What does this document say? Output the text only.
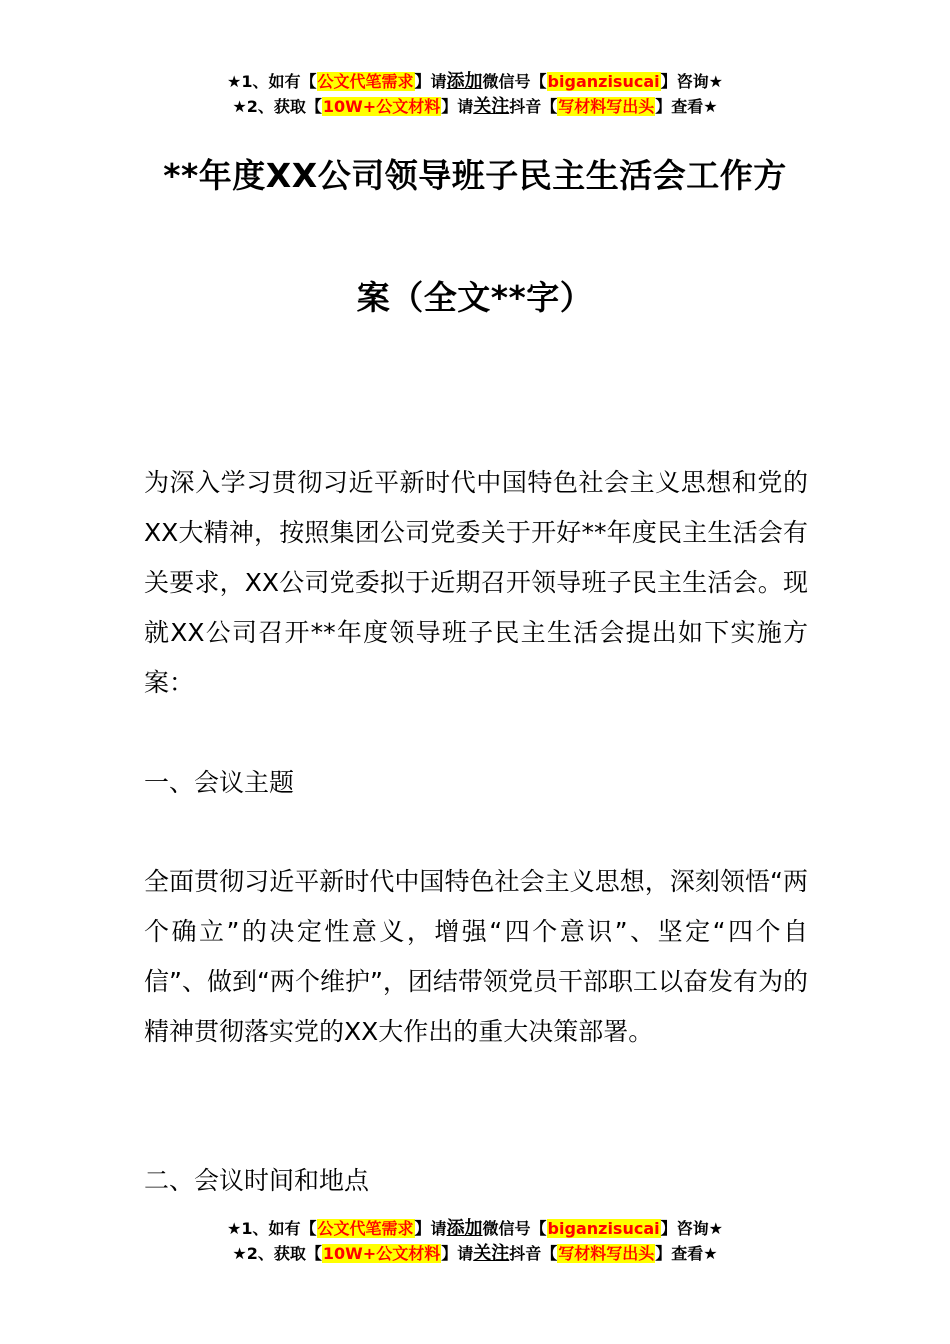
★1、如有【公文代笔需求】请添加微信号【biganzisucai】咨询★
★2、获取【10W+公文材料】请关注抖音【写材料写出头】查看★
**年度XX公司领导班子民主生活会工作方
案（全文**字）

为深入学习贯彻习近平新时代中国特色社会主义思想和党的XX大精神，按照集团公司党委关于开好**年度民主生活会有关要求，XX公司党委拟于近期召开领导班子民主生活会。现就XX公司召开**年度领导班子民主生活会提出如下实施方案：

一、会议主题

全面贯彻习近平新时代中国特色社会主义思想，深刻领悟“两个确立”的决定性意义，增强“四个意识”、坚定“四个自信”、做到“两个维护”，团结带领党员干部职工以奋发有为的精神贯彻落实党的XX大作出的重大决策部署。

二、会议时间和地点
★1、如有【公文代笔需求】请添加微信号【biganzisucai】咨询★
★2、获取【10W+公文材料】请关注抖音【写材料写出头】查看★
